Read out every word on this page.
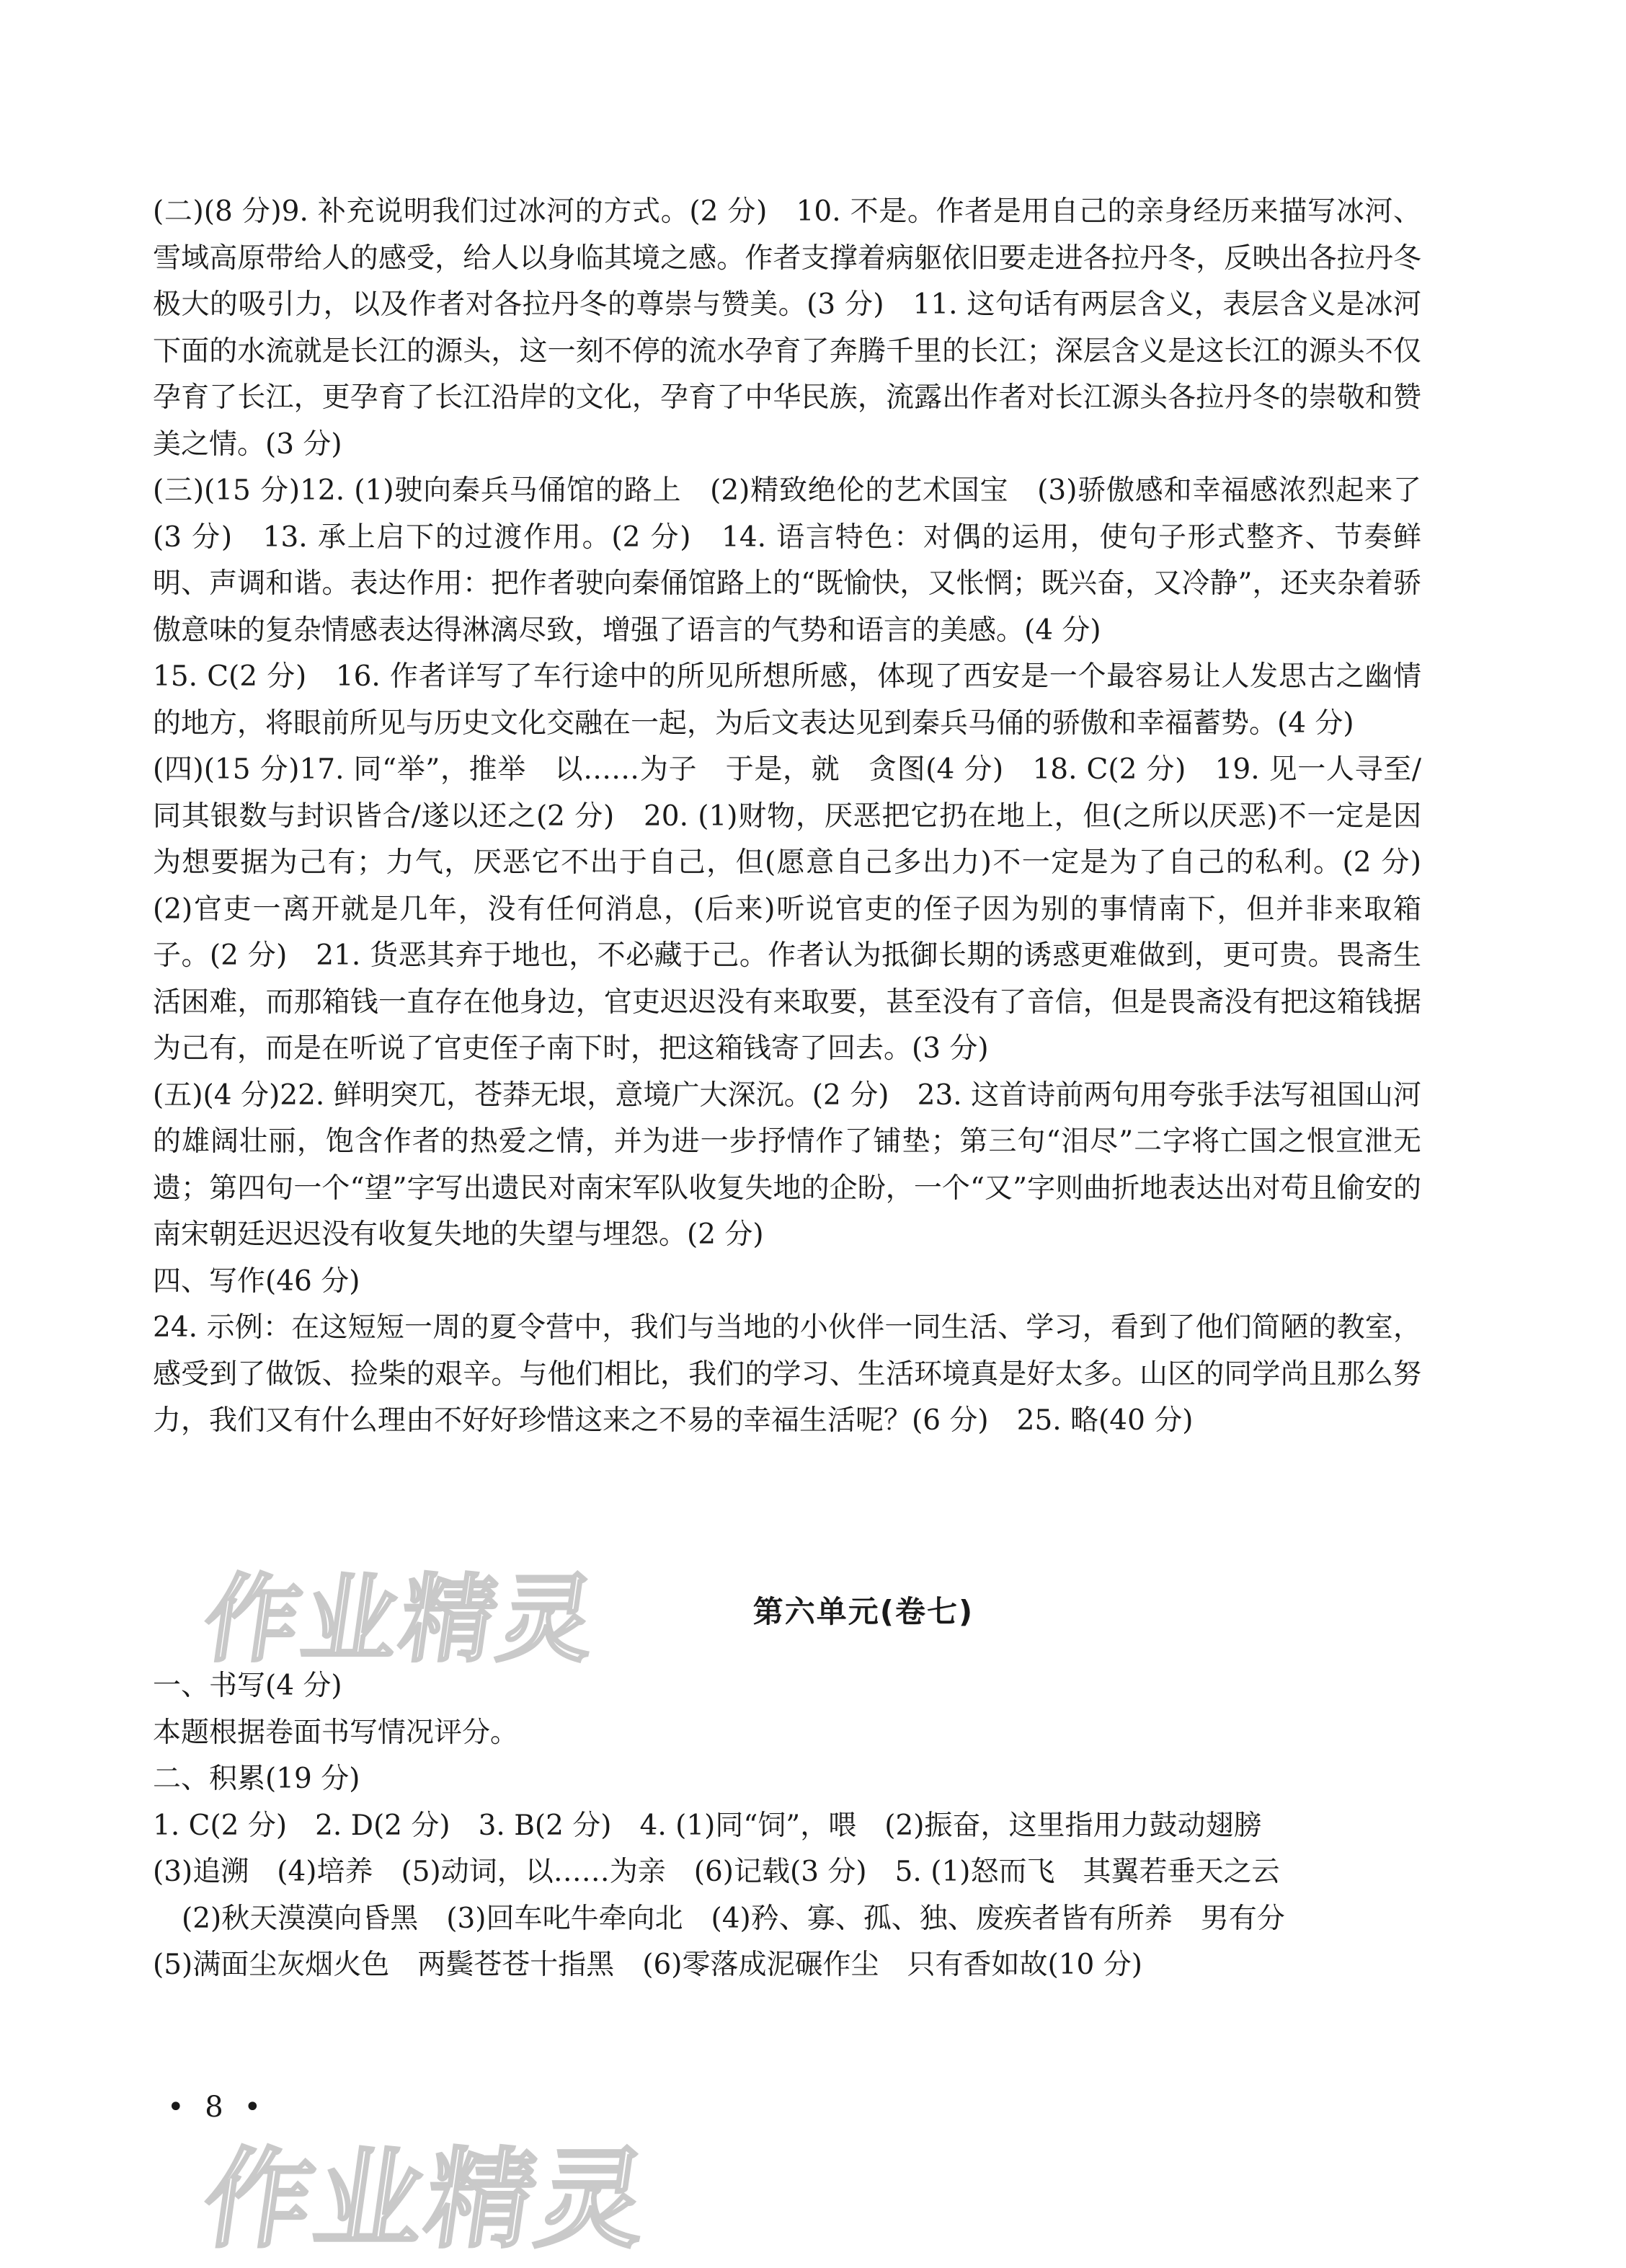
作业精灵
作业精灵

(二)(8 分)9. 补充说明我们过冰河的方式。(2 分)　10. 不是。作者是用自己的亲身经历来描写冰河、雪域高原带给人的感受，给人以身临其境之感。作者支撑着病躯依旧要走进各拉丹冬，反映出各拉丹冬极大的吸引力，以及作者对各拉丹冬的尊崇与赞美。(3 分)　11. 这句话有两层含义，表层含义是冰河下面的水流就是长江的源头，这一刻不停的流水孕育了奔腾千里的长江；深层含义是这长江的源头不仅孕育了长江，更孕育了长江沿岸的文化，孕育了中华民族，流露出作者对长江源头各拉丹冬的崇敬和赞美之情。(3 分)

(三)(15 分)12. (1)驶向秦兵马俑馆的路上　(2)精致绝伦的艺术国宝　(3)骄傲感和幸福感浓烈起来了(3 分)　13. 承上启下的过渡作用。(2 分)　14. 语言特色：对偶的运用，使句子形式整齐、节奏鲜明、声调和谐。表达作用：把作者驶向秦俑馆路上的“既愉快，又怅惘；既兴奋，又冷静”，还夹杂着骄傲意味的复杂情感表达得淋漓尽致，增强了语言的气势和语言的美感。(4 分)

15. C(2 分)　16. 作者详写了车行途中的所见所想所感，体现了西安是一个最容易让人发思古之幽情的地方，将眼前所见与历史文化交融在一起，为后文表达见到秦兵马俑的骄傲和幸福蓄势。(4 分)

(四)(15 分)17. 同“举”，推举　以……为子　于是，就　贪图(4 分)　18. C(2 分)　19. 见一人寻至/同其银数与封识皆合/遂以还之(2 分)　20. (1)财物，厌恶把它扔在地上，但(之所以厌恶)不一定是因为想要据为己有；力气，厌恶它不出于自己，但(愿意自己多出力)不一定是为了自己的私利。(2 分)　(2)官吏一离开就是几年，没有任何消息，(后来)听说官吏的侄子因为别的事情南下，但并非来取箱子。(2 分)　21. 货恶其弃于地也，不必藏于己。作者认为抵御长期的诱惑更难做到，更可贵。畏斋生活困难，而那箱钱一直存在他身边，官吏迟迟没有来取要，甚至没有了音信，但是畏斋没有把这箱钱据为己有，而是在听说了官吏侄子南下时，把这箱钱寄了回去。(3 分)

(五)(4 分)22. 鲜明突兀，苍莽无垠，意境广大深沉。(2 分)　23. 这首诗前两句用夸张手法写祖国山河的雄阔壮丽，饱含作者的热爱之情，并为进一步抒情作了铺垫；第三句“泪尽”二字将亡国之恨宣泄无遗；第四句一个“望”字写出遗民对南宋军队收复失地的企盼，一个“又”字则曲折地表达出对苟且偷安的南宋朝廷迟迟没有收复失地的失望与埋怨。(2 分)

四、写作(46 分)

24. 示例：在这短短一周的夏令营中，我们与当地的小伙伴一同生活、学习，看到了他们简陋的教室，感受到了做饭、捡柴的艰辛。与他们相比，我们的学习、生活环境真是好太多。山区的同学尚且那么努力，我们又有什么理由不好好珍惜这来之不易的幸福生活呢？(6 分)　25. 略(40 分)

第六单元(卷七)

一、书写(4 分)

本题根据卷面书写情况评分。

二、积累(19 分)

1. C(2 分)　2. D(2 分)　3. B(2 分)　4. (1)同“饲”，喂　(2)振奋，这里指用力鼓动翅膀

(3)追溯　(4)培养　(5)动词，以……为亲　(6)记载(3 分)　5. (1)怒而飞　其翼若垂天之云

(2)秋天漠漠向昏黑　(3)回车叱牛牵向北　(4)矜、寡、孤、独、废疾者皆有所养　男有分

(5)满面尘灰烟火色　两鬓苍苍十指黑　(6)零落成泥碾作尘　只有香如故(10 分)

• 8 •
